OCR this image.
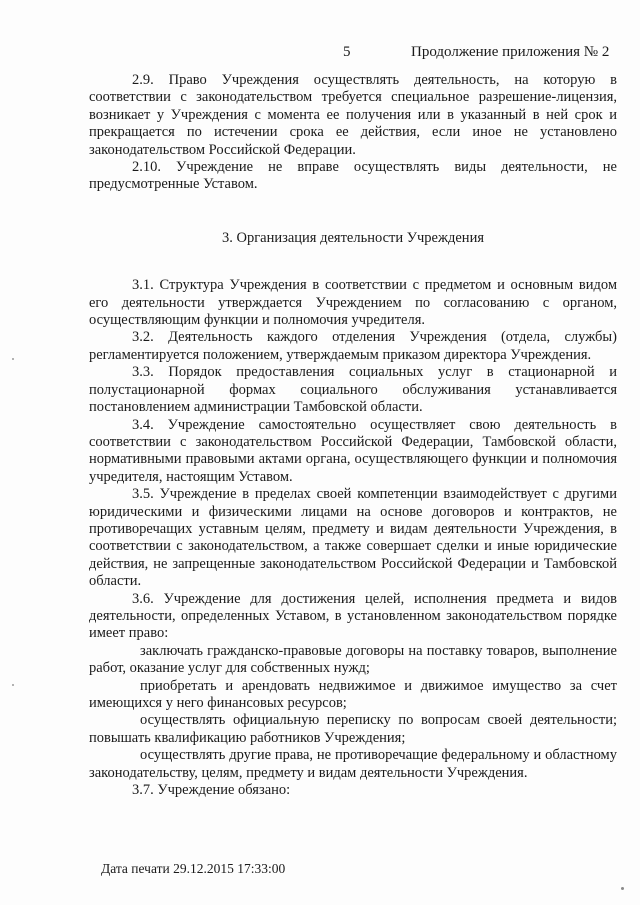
5	Продолжение приложения № 2

2.9. Право Учреждения осуществлять деятельность, на которую в соответствии с законодательством требуется специальное разрешение-лицензия, возникает у Учреждения с момента ее получения или в указанный в ней срок и прекращается по истечении срока ее действия, если иное не установлено законодательством Российской Федерации.

2.10. Учреждение не вправе осуществлять виды деятельности, не предусмотренные Уставом.

3. Организация деятельности Учреждения

3.1. Структура Учреждения в соответствии с предметом и основным видом его деятельности утверждается Учреждением по согласованию с органом, осуществляющим функции и полномочия учредителя.

3.2. Деятельность каждого отделения Учреждения (отдела, службы) регламентируется положением, утверждаемым приказом директора Учреждения.

3.3. Порядок предоставления социальных услуг в стационарной и полустационарной формах социального обслуживания устанавливается постановлением администрации Тамбовской области.

3.4. Учреждение самостоятельно осуществляет свою деятельность в соответствии с законодательством Российской Федерации, Тамбовской области, нормативными правовыми актами органа, осуществляющего функции и полномочия учредителя, настоящим Уставом.

3.5. Учреждение в пределах своей компетенции взаимодействует с другими юридическими и физическими лицами на основе договоров и контрактов, не противоречащих уставным целям, предмету и видам деятельности Учреждения, в соответствии с законодательством, а также совершает сделки и иные юридические действия, не запрещенные законодательством Российской Федерации и Тамбовской области.

3.6. Учреждение для достижения целей, исполнения предмета и видов деятельности, определенных Уставом, в установленном законодательством порядке имеет право:

заключать гражданско-правовые договоры на поставку товаров, выполнение работ, оказание услуг для собственных нужд;

приобретать и арендовать недвижимое и движимое имущество за счет имеющихся у него финансовых ресурсов;

осуществлять официальную переписку по вопросам своей деятельности; повышать квалификацию работников Учреждения;

осуществлять другие права, не противоречащие федеральному и областному законодательству, целям, предмету и видам деятельности Учреждения.

3.7. Учреждение обязано:

Дата печати 29.12.2015 17:33:00
